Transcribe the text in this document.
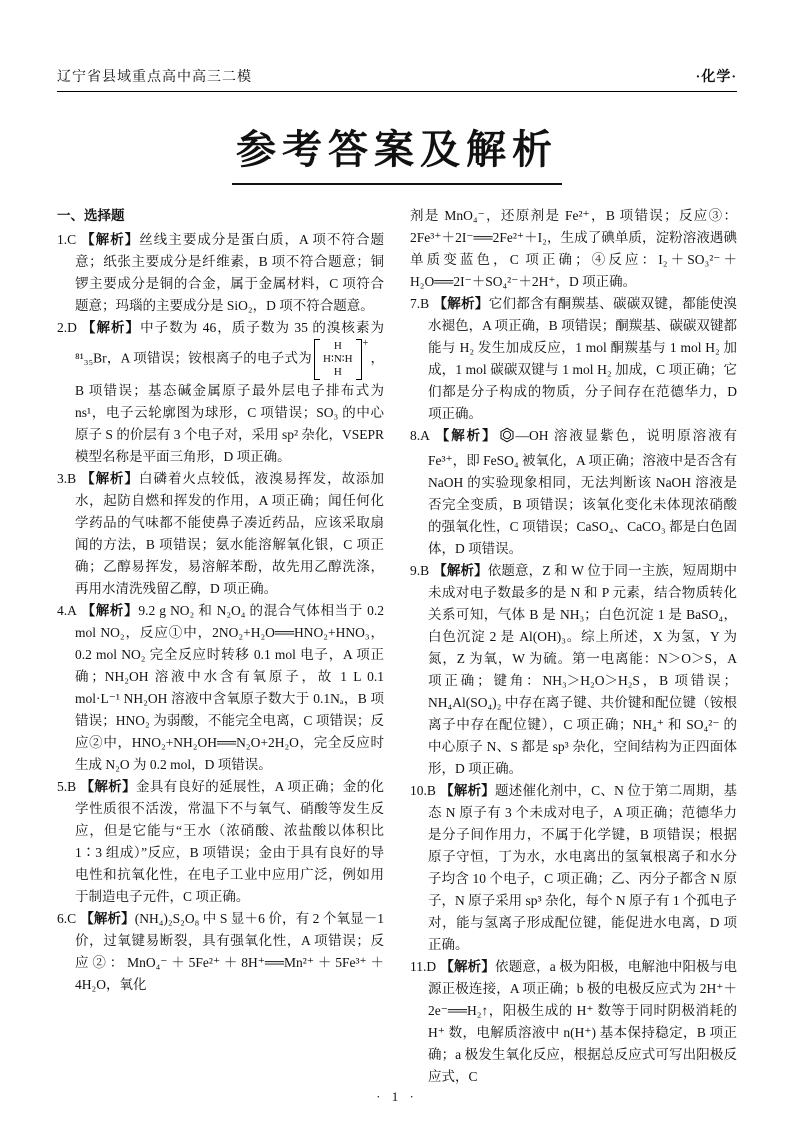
辽宁省县域重点高中高三二模	·化学·
参考答案及解析

一、选择题

1.C 【解析】丝线主要成分是蛋白质，A 项不符合题意；纸张主要成分是纤维素，B 项不符合题意；铜锣主要成分是铜的合金，属于金属材料，C 项符合题意；玛瑙的主要成分是 SiO₂，D 项不符合题意。

2.D 【解析】中子数为 46，质子数为 35 的溴核素为 ⁸¹₃₅Br，A 项错误；铵根离子的电子式为
H
H∶N∶H
H
+
，B 项错误；基态碱金属原子最外层电子排布式为 ns¹，电子云轮廓图为球形，C 项错误；SO₃ 的中心原子 S 的价层有 3 个电子对，采用 sp² 杂化，VSEPR 模型名称是平面三角形，D 项正确。

3.B 【解析】白磷着火点较低，液溴易挥发，故添加水，起防自燃和挥发的作用，A 项正确；闻任何化学药品的气味都不能使鼻子凑近药品，应该采取扇闻的方法，B 项错误；氨水能溶解氧化银，C 项正确；乙醇易挥发，易溶解苯酚，故先用乙醇洗涤，再用水清洗残留乙醇，D 项正确。

4.A 【解析】9.2 g NO₂ 和 N₂O₄ 的混合气体相当于 0.2 mol NO₂，反应①中，2NO₂+H₂O══HNO₂+HNO₃，0.2 mol NO₂ 完全反应时转移 0.1 mol 电子，A 项正确；NH₂OH 溶液中水含有氧原子，故 1 L 0.1 mol·L⁻¹ NH₂OH 溶液中含氧原子数大于 0.1Nₐ，B 项错误；HNO₂ 为弱酸，不能完全电离，C 项错误；反应②中，HNO₂+NH₂OH══N₂O+2H₂O，完全反应时生成 N₂O 为 0.2 mol，D 项错误。

5.B 【解析】金具有良好的延展性，A 项正确；金的化学性质很不活泼，常温下不与氧气、硝酸等发生反应，但是它能与“王水（浓硝酸、浓盐酸以体积比 1∶3 组成）”反应，B 项错误；金由于具有良好的导电性和抗氧化性，在电子工业中应用广泛，例如用于制造电子元件，C 项正确。

6.C 【解析】(NH₄)₂S₂O₈ 中 S 显＋6 价，有 2 个氧显－1 价，过氧键易断裂，具有强氧化性，A 项错误；反应②：MnO₄⁻＋5Fe²⁺＋8H⁺══Mn²⁺＋5Fe³⁺＋4H₂O，氧化

剂是 MnO₄⁻，还原剂是 Fe²⁺，B 项错误；反应③：2Fe³⁺＋2I⁻══2Fe²⁺＋I₂，生成了碘单质，淀粉溶液遇碘单质变蓝色，C 项正确；④反应：I₂＋SO₃²⁻＋H₂O══2I⁻＋SO₄²⁻＋2H⁺，D 项正确。

7.B 【解析】它们都含有酮羰基、碳碳双键，都能使溴水褪色，A 项正确，B 项错误；酮羰基、碳碳双键都能与 H₂ 发生加成反应，1 mol 酮羰基与 1 mol H₂ 加成，1 mol 碳碳双键与 1 mol H₂ 加成，C 项正确；它们都是分子构成的物质，分子间存在范德华力，D 项正确。

8.A 【解析】 —OH 溶液显紫色，说明原溶液有 Fe³⁺，即 FeSO₄ 被氧化，A 项正确；溶液中是否含有 NaOH 的实验现象相同，无法判断该 NaOH 溶液是否完全变质，B 项错误；该氧化变化未体现浓硝酸的强氧化性，C 项错误；CaSO₄、CaCO₃ 都是白色固体，D 项错误。

9.B 【解析】依题意，Z 和 W 位于同一主族，短周期中未成对电子数最多的是 N 和 P 元素，结合物质转化关系可知，气体 B 是 NH₃；白色沉淀 1 是 BaSO₄，白色沉淀 2 是 Al(OH)₃。综上所述，X 为氢，Y 为氮，Z 为氧，W 为硫。第一电离能：N＞O＞S，A 项正确；键角：NH₃＞H₂O＞H₂S，B 项错误；NH₄Al(SO₄)₂ 中存在离子键、共价键和配位键（铵根离子中存在配位键），C 项正确；NH₄⁺ 和 SO₄²⁻ 的中心原子 N、S 都是 sp³ 杂化，空间结构为正四面体形，D 项正确。

10.B 【解析】题述催化剂中，C、N 位于第二周期，基态 N 原子有 3 个未成对电子，A 项正确；范德华力是分子间作用力，不属于化学键，B 项错误；根据原子守恒，丁为水，水电离出的氢氧根离子和水分子均含 10 个电子，C 项正确；乙、丙分子都含 N 原子，N 原子采用 sp³ 杂化，每个 N 原子有 1 个孤电子对，能与氢离子形成配位键，能促进水电离，D 项正确。

11.D 【解析】依题意，a 极为阳极，电解池中阳极与电源正极连接，A 项正确；b 极的电极反应式为 2H⁺＋2e⁻══H₂↑，阳极生成的 H⁺ 数等于同时阴极消耗的 H⁺ 数，电解质溶液中 n(H⁺) 基本保持稳定，B 项正确；a 极发生氧化反应，根据总反应式可写出阳极反应式，C

· 1 ·
